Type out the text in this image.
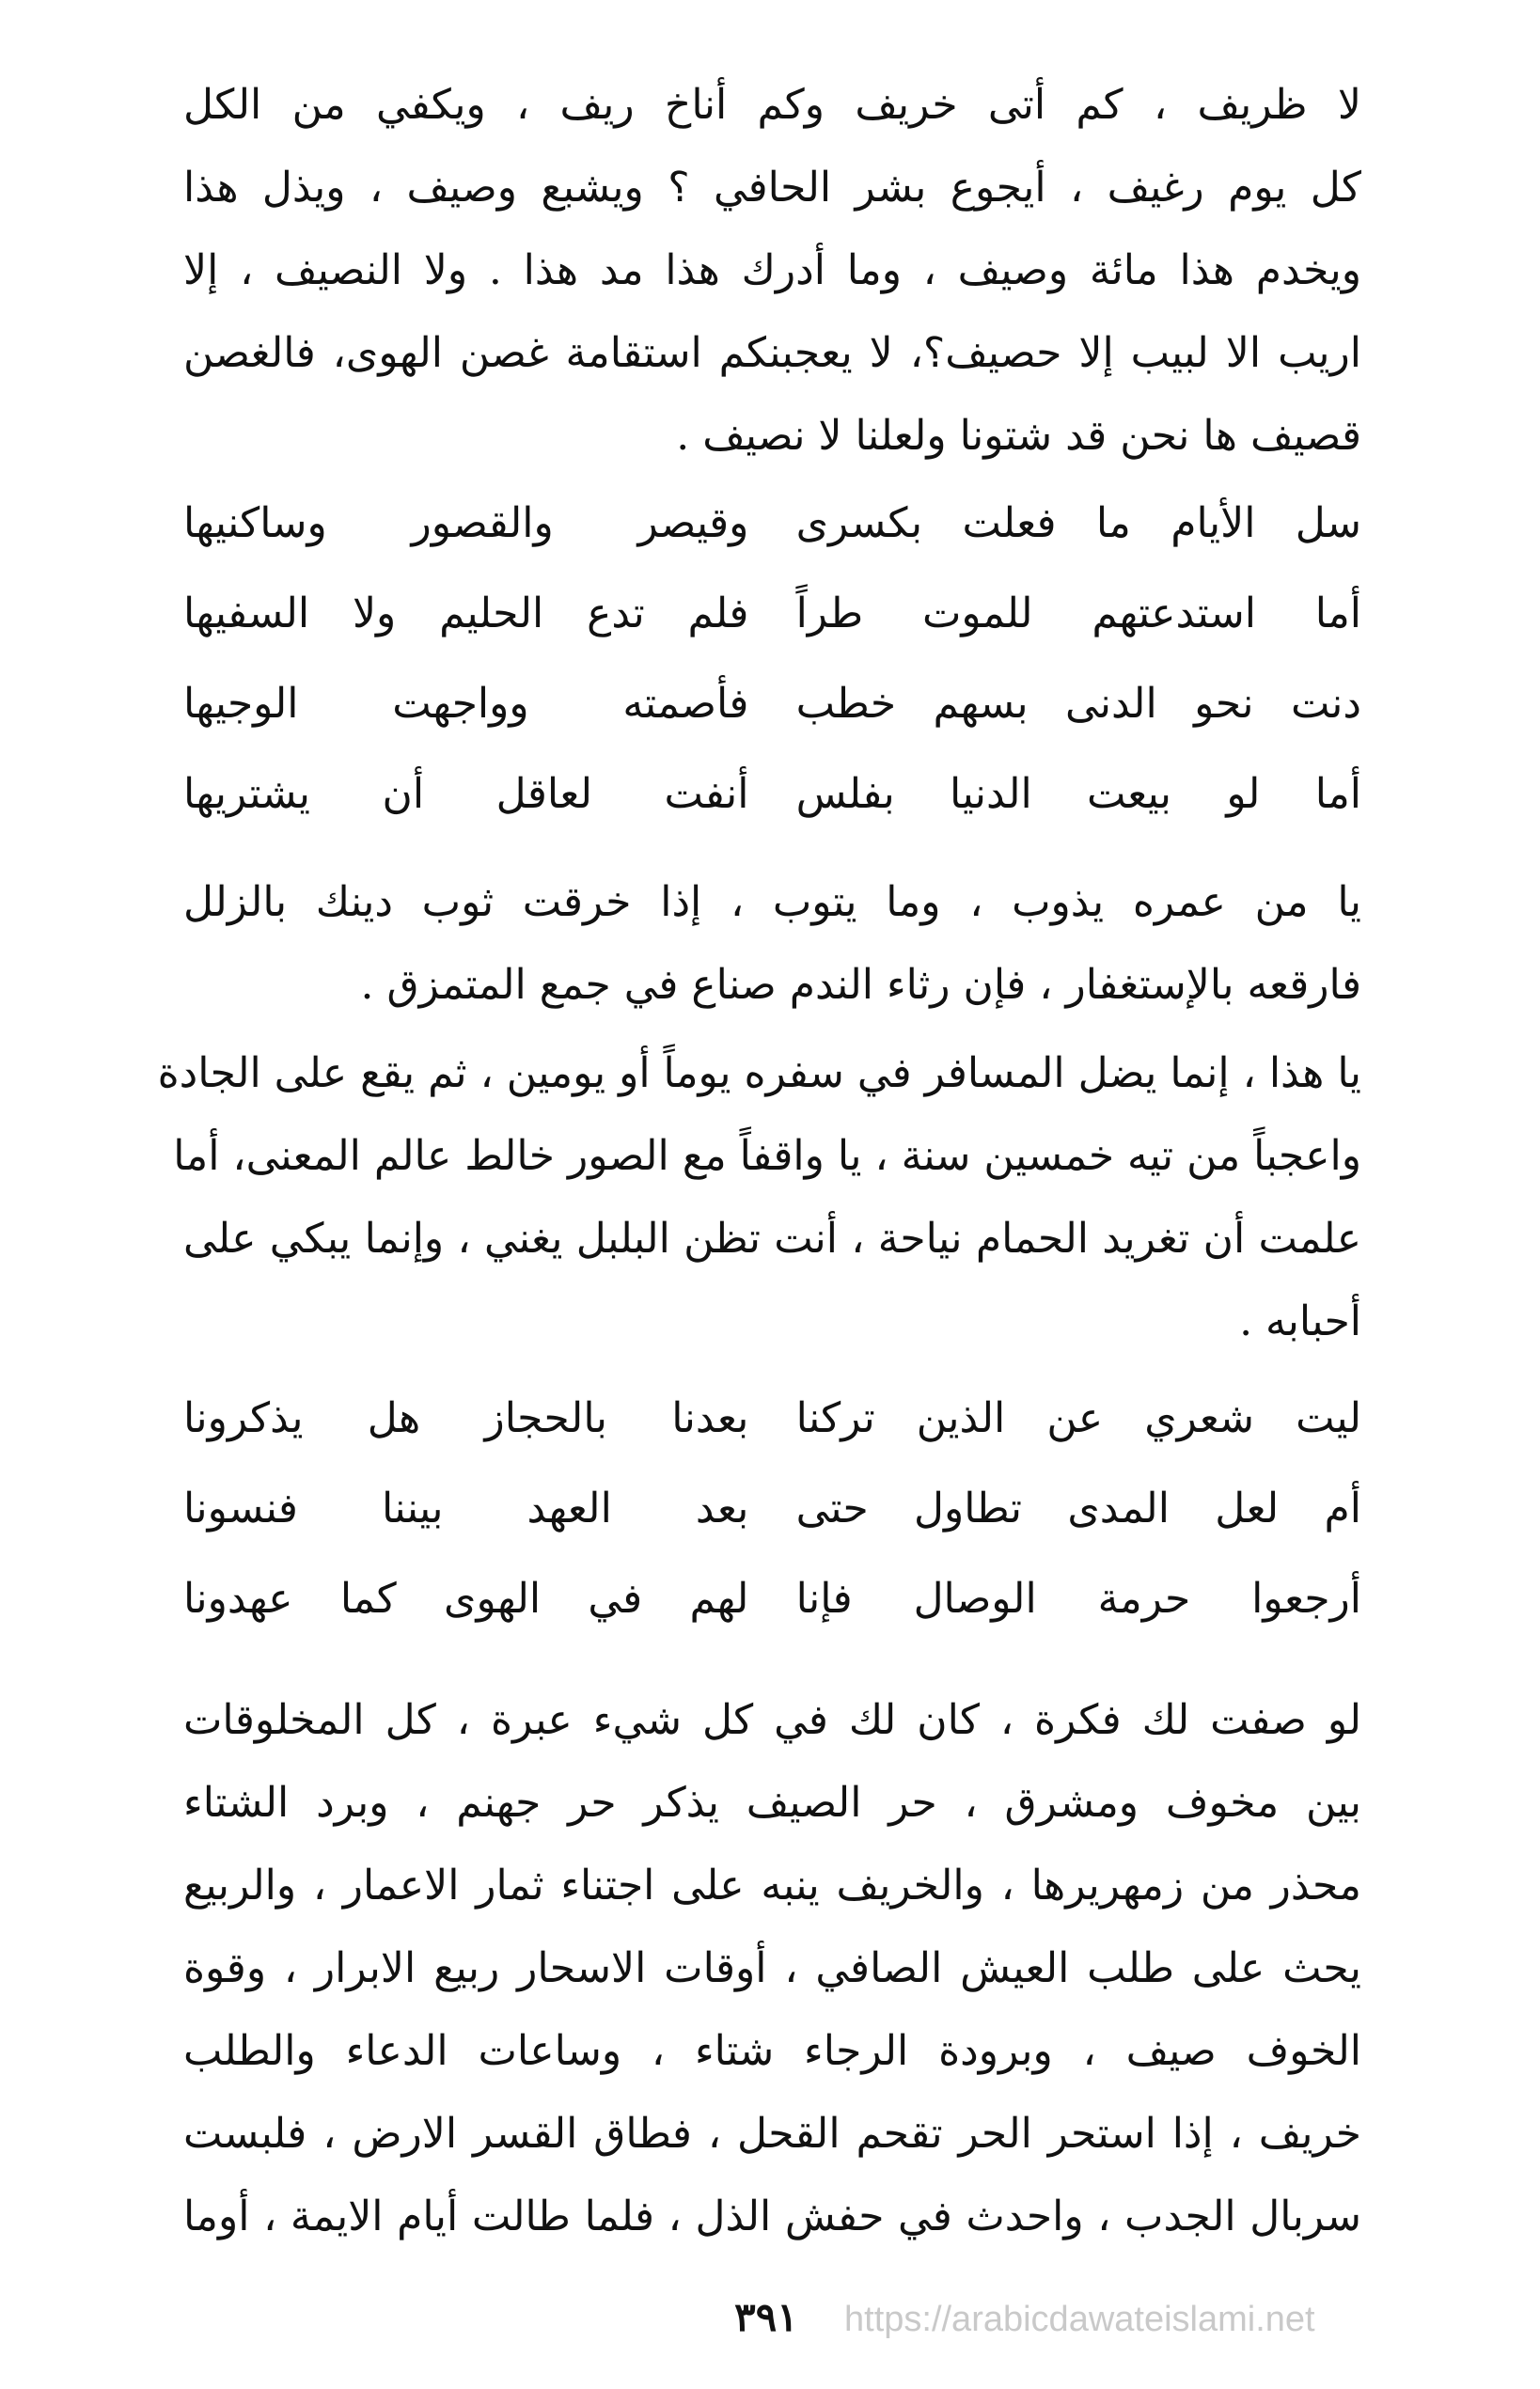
لا ظريف ، كم أتى خريف وكم أناخ ريف ، ويكفي من الكل
كل يوم رغيف ، أيجوع بشر الحافي ؟ ويشبع وصيف ، ويذل هذا
ويخدم هذا مائة وصيف ، وما أدرك هذا مد هذا . ولا النصيف ، إلا
اريب الا لبيب إلا حصيف؟، لا يعجبنكم استقامة غصن الهوى، فالغصن
قصيف ها نحن قد شتونا ولعلنا لا نصيف .
سل الأيام ما فعلت بكسرى
وقيصر والقصور وساكنيها
أما استدعتهم للموت طراً
فلم تدع الحليم ولا السفيها
دنت نحو الدنى بسهم خطب
فأصمته وواجهت الوجيها
أما لو بيعت الدنيا بفلس
أنفت لعاقل أن يشتريها
يا من عمره يذوب ، وما يتوب ، إذا خرقت ثوب دينك بالزلل
فارقعه بالإستغفار ، فإن رثاء الندم صناع في جمع المتمزق .
يا هذا ، إنما يضل المسافر في سفره يوماً أو يومين ، ثم يقع على الجادة
واعجباً من تيه خمسين سنة ، يا واقفاً مع الصور خالط عالم المعنى، أما
علمت أن تغريد الحمام نياحة ، أنت تظن البلبل يغني ، وإنما يبكي على
أحبابه .
ليت شعري عن الذين تركنا
بعدنا بالحجاز هل يذكرونا
أم لعل المدى تطاول حتى
بعد العهد بيننا فنسونا
أرجعوا حرمة الوصال فإنا
لهم في الهوى كما عهدونا
لو صفت لك فكرة ، كان لك في كل شيء عبرة ، كل المخلوقات
بين مخوف ومشرق ، حر الصيف يذكر حر جهنم ، وبرد الشتاء
محذر من زمهريرها ، والخريف ينبه على اجتناء ثمار الاعمار ، والربيع
يحث على طلب العيش الصافي ، أوقات الاسحار ربيع الابرار ، وقوة
الخوف صيف ، وبرودة الرجاء شتاء ، وساعات الدعاء والطلب
خريف ، إذا استحر الحر تقحم القحل ، فطاق القسر الارض ، فلبست
سربال الجدب ، واحدث في حفش الذل ، فلما طالت أيام الايمة ، أوما
٣٩١	https://arabicdawateislami.net
